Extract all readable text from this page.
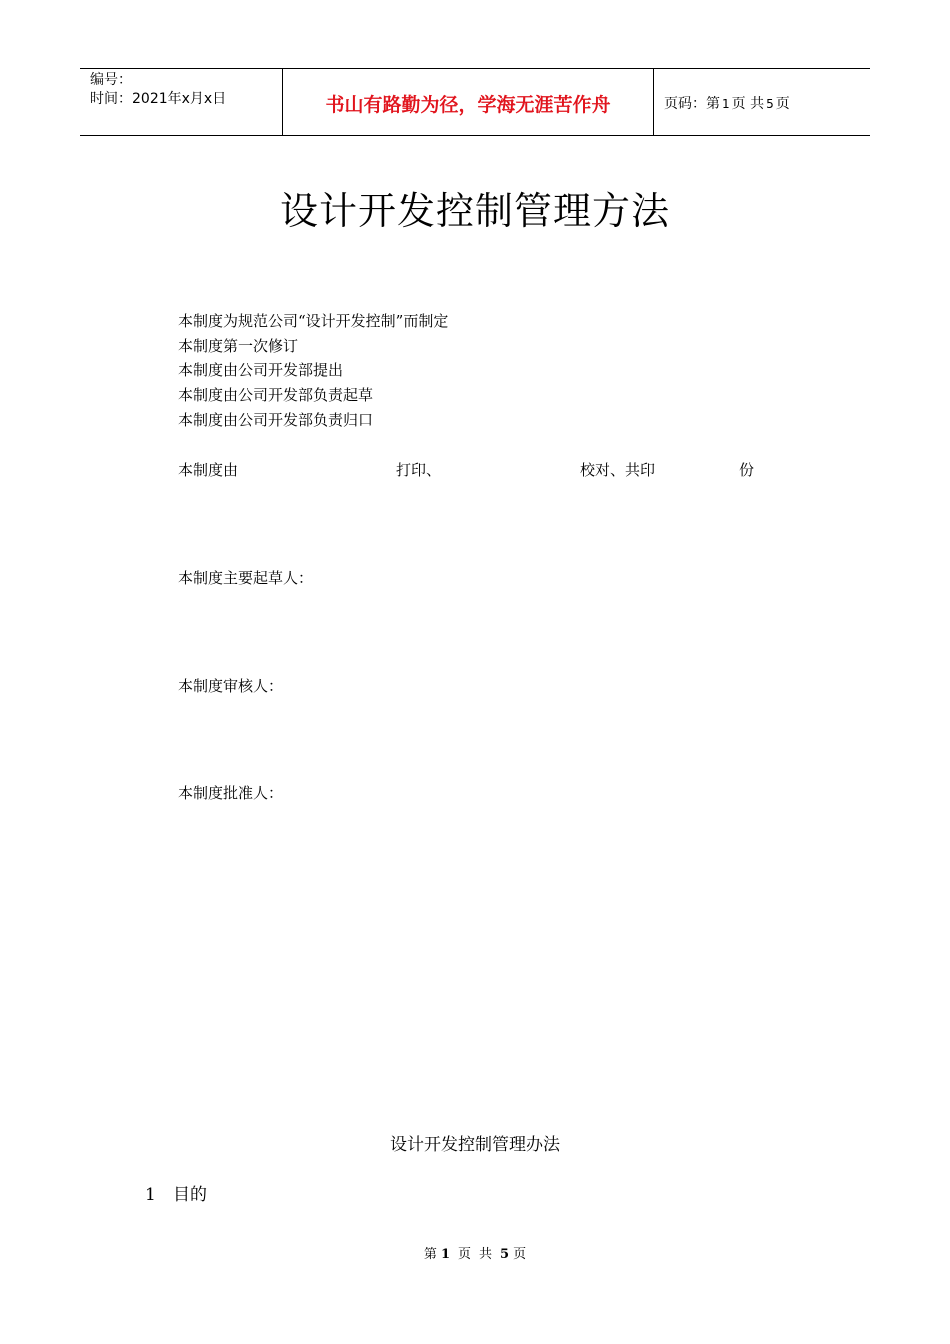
编号：
时间：2021年x月x日	书山有路勤为径，学海无涯苦作舟	页码：第 1 页 共 5 页
设计开发控制管理方法
本制度为规范公司“设计开发控制”而制定
本制度第一次修订
本制度由公司开发部提出
本制度由公司开发部负责起草
本制度由公司开发部负责归口
本制度由	打印、	校对、共印	份
本制度主要起草人：
本制度审核人：
本制度批准人：
设计开发控制管理办法
1 目的
第 1 页 共 5 页
